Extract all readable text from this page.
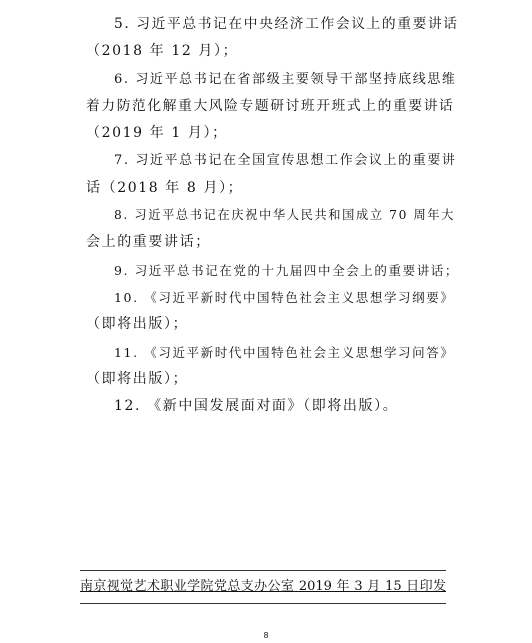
5. 习近平总书记在中央经济工作会议上的重要讲话
（2018 年 12 月）；
6. 习近平总书记在省部级主要领导干部坚持底线思维
着力防范化解重大风险专题研讨班开班式上的重要讲话
（2019 年 1 月）；
7. 习近平总书记在全国宣传思想工作会议上的重要讲
话（2018 年 8 月）；
8. 习近平总书记在庆祝中华人民共和国成立 70 周年大
会上的重要讲话；
9. 习近平总书记在党的十九届四中全会上的重要讲话；
10. 《习近平新时代中国特色社会主义思想学习纲要》
（即将出版）；
11. 《习近平新时代中国特色社会主义思想学习问答》
（即将出版）；
12. 《新中国发展面对面》（即将出版）。
南京视觉艺术职业学院党总支办公室 2019 年 3 月 15 日印发
8
